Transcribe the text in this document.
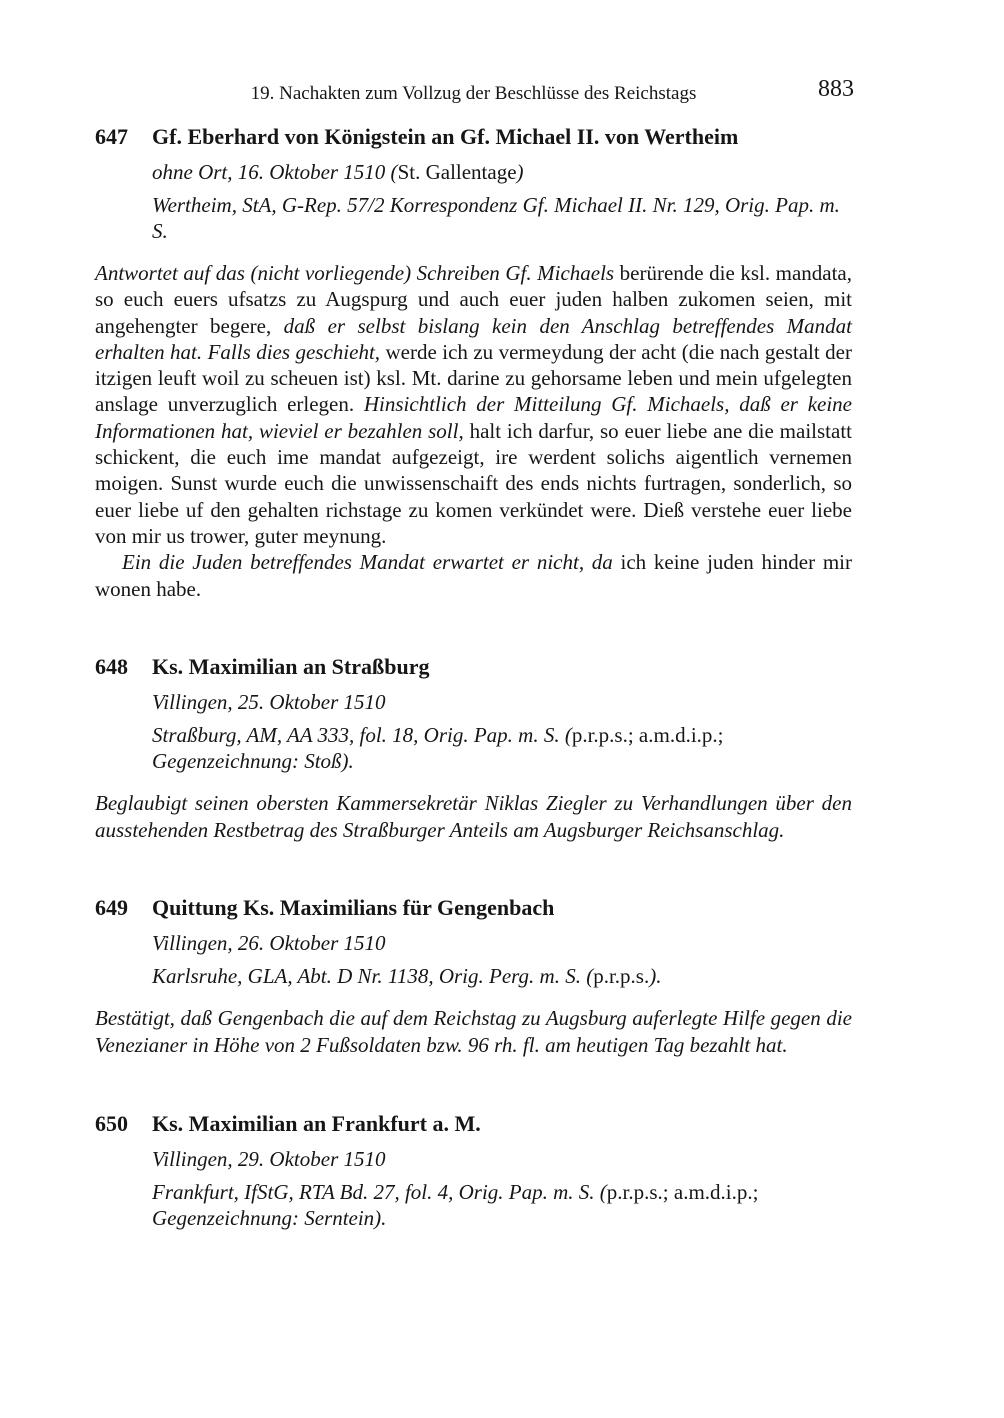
19. Nachakten zum Vollzug der Beschlüsse des Reichstags	883
647	Gf. Eberhard von Königstein an Gf. Michael II. von Wertheim

ohne Ort, 16. Oktober 1510 (St. Gallentage)

Wertheim, StA, G-Rep. 57/2 Korrespondenz Gf. Michael II. Nr. 129, Orig. Pap. m. S.

Antwortet auf das (nicht vorliegende) Schreiben Gf. Michaels berürende die ksl. mandata, so euch euers ufsatzs zu Augspurg und auch euer juden halben zukomen seien, mit angehengter begere, daß er selbst bislang kein den Anschlag betreffendes Mandat erhalten hat. Falls dies geschieht, werde ich zu vermeydung der acht (die nach gestalt der itzigen leuft woil zu scheuen ist) ksl. Mt. darine zu gehorsame leben und mein ufgelegten anslage unverzuglich erlegen. Hinsichtlich der Mitteilung Gf. Michaels, daß er keine Informationen hat, wieviel er bezahlen soll, halt ich darfur, so euer liebe ane die mailstatt schickent, die euch ime mandat aufgezeigt, ire werdent solichs aigentlich vernemen moigen. Sunst wurde euch die unwissenschaift des ends nichts furtragen, sonderlich, so euer liebe uf den gehalten richstage zu komen verkündet were. Dieß verstehe euer liebe von mir us trower, guter meynung.

Ein die Juden betreffendes Mandat erwartet er nicht, da ich keine juden hinder mir wonen habe.

648	Ks. Maximilian an Straßburg

Villingen, 25. Oktober 1510

Straßburg, AM, AA 333, fol. 18, Orig. Pap. m. S. (p.r.p.s.; a.m.d.i.p.; Gegenzeichnung: Stoß).

Beglaubigt seinen obersten Kammersekretär Niklas Ziegler zu Verhandlungen über den ausstehenden Restbetrag des Straßburger Anteils am Augsburger Reichsanschlag.

649	Quittung Ks. Maximilians für Gengenbach

Villingen, 26. Oktober 1510

Karlsruhe, GLA, Abt. D Nr. 1138, Orig. Perg. m. S. (p.r.p.s.).

Bestätigt, daß Gengenbach die auf dem Reichstag zu Augsburg auferlegte Hilfe gegen die Venezianer in Höhe von 2 Fußsoldaten bzw. 96 rh. fl. am heutigen Tag bezahlt hat.

650	Ks. Maximilian an Frankfurt a. M.

Villingen, 29. Oktober 1510

Frankfurt, IfStG, RTA Bd. 27, fol. 4, Orig. Pap. m. S. (p.r.p.s.; a.m.d.i.p.; Gegenzeichnung: Serntein).
